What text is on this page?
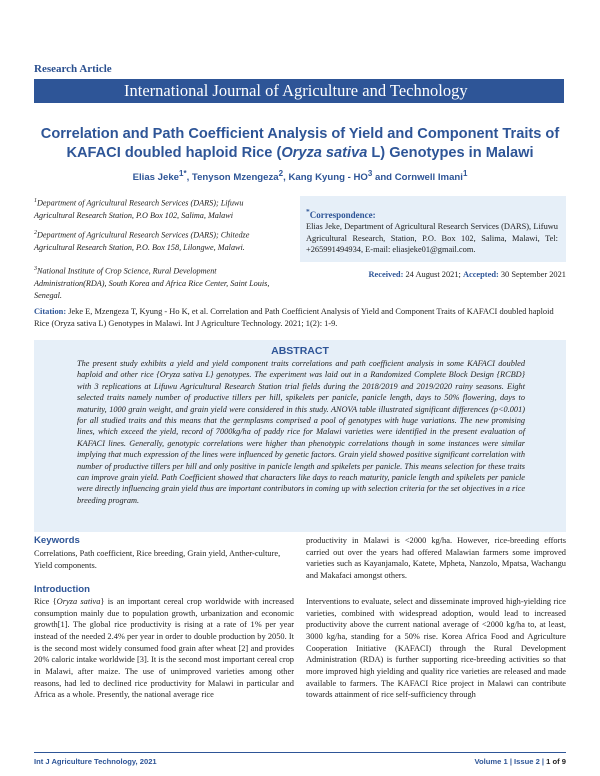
Research Article
International Journal of Agriculture and Technology
Correlation and Path Coefficient Analysis of Yield and Component Traits of
KAFACI doubled haploid Rice (Oryza sativa L) Genotypes in Malawi
Elias Jeke$^{1*}$, Tenyson Mzengeza$^2$, Kang Kyung - $HO^3$ and Cornwell Imani$^1$
$^1$Department of Agricultural Research Services (DARS); Lifuwu Agricultural Research Station, P.O Box 102, Salima, Malawi
$^2$Department of Agricultural Research Services (DARS); Chitedze Agricultural Research Station, P.O. Box 158, Lilongwe, Malawi.
$^3$National Institute of Crop Science, Rural Development Administration(RDA), South Korea and Africa Rice Center, Saint Louis, Senegal.
*Correspondence:
Elias Jeke, Department of Agricultural Research Services (DARS), Lifuwu Agricultural Research, Station, P.O. Box 102, Salima, Malawi, Tel: +265991494934, E-mail: eliasjeke01@gmail.com.
Received: 24 August 2021; Accepted: 30 September 2021
Citation: Jeke E, Mzengeza T, Kyung - Ho K, et al. Correlation and Path Coefficient Analysis of Yield and Component Traits of KAFACI doubled haploid Rice (Oryza sativa L) Genotypes in Malawi. Int J Agriculture Technology. 2021; 1(2): 1-9.
ABSTRACT
The present study exhibits a yield and yield component traits correlations and path coefficient analysis in some KAFACI doubled haploid and other rice {Oryza sativa L} genotypes. The experiment was laid out in a Randomized Complete Block Design {RCBD} with 3 replications at Lifuwu Agricultural Research Station trial fields during the 2018/2019 and 2019/2020 rainy seasons. Eight selected traits namely number of productive tillers per hill, spikelets per panicle, panicle length, days to 50% flowering, days to maturity, 1000 grain weight, and grain yield were considered in this study. ANOVA table illustrated significant differences (p<0.001) for all studied traits and this means that the germplasms comprised a pool of genotypes with huge variations. The new promising lines, which exceed the yield, record of 7000kg/ha of paddy rice for Malawi varieties were identified in the present evaluation of KAFACI lines. Generally, genotypic correlations were higher than phenotypic correlations though in some instances were similar implying that much expression of the lines were influenced by genetic factors. Grain yield showed positive significant correlation with number of productive tillers per hill and only positive in panicle length and spikelets per panicle. This means selection for these traits can improve grain yield. Path Coefficient showed that characters like days to reach maturity, panicle length and spikelets per panicle were directly influencing grain yield thus are important contributors in coming up with selection criteria for the set objectives in a rice breeding program.
Keywords
Correlations, Path coefficient, Rice breeding, Grain yield, Anther-culture, Yield components.
Introduction
Rice {Oryza sativa} is an important cereal crop worldwide with increased consumption mainly due to population growth, urbanization and economic growth[1]. The global rice productivity is rising at a rate of 1% per year instead of the needed 2.4% per year in order to double production by 2050. It is the second most widely consumed food grain after wheat [2] and provides 20% caloric intake worldwide [3]. It is the second most important cereal crop in Malawi, after maize. The use of unimproved varieties among other reasons, had led to declined rice productivity for Malawi in particular and Africa as a whole. Presently, the national average rice
productivity in Malawi is <2000 kg/ha. However, rice-breeding efforts carried out over the years had offered Malawian farmers some improved varieties such as Kayanjamalo, Katete, Mpheta, Nanzolo, Mpatsa, Wachangu and Makafaci amongst others.
Interventions to evaluate, select and disseminate improved high-yielding rice varieties, combined with widespread adoption, would lead to increased productivity above the current national average of <2000 kg/ha to, at least, 3000 kg/ha, standing for a 50% rise. Korea Africa Food and Agriculture Cooperation Initiative (KAFACI) through the Rural Development Administration (RDA) is further supporting rice-breeding activities so that more improved high yielding and quality rice varieties are released and made available to farmers. The KAFACI Rice project in Malawi can contribute towards attainment of rice self-sufficiency through
Int J Agriculture Technology, 2021	Volume 1 | Issue 2 | 1 of 9
